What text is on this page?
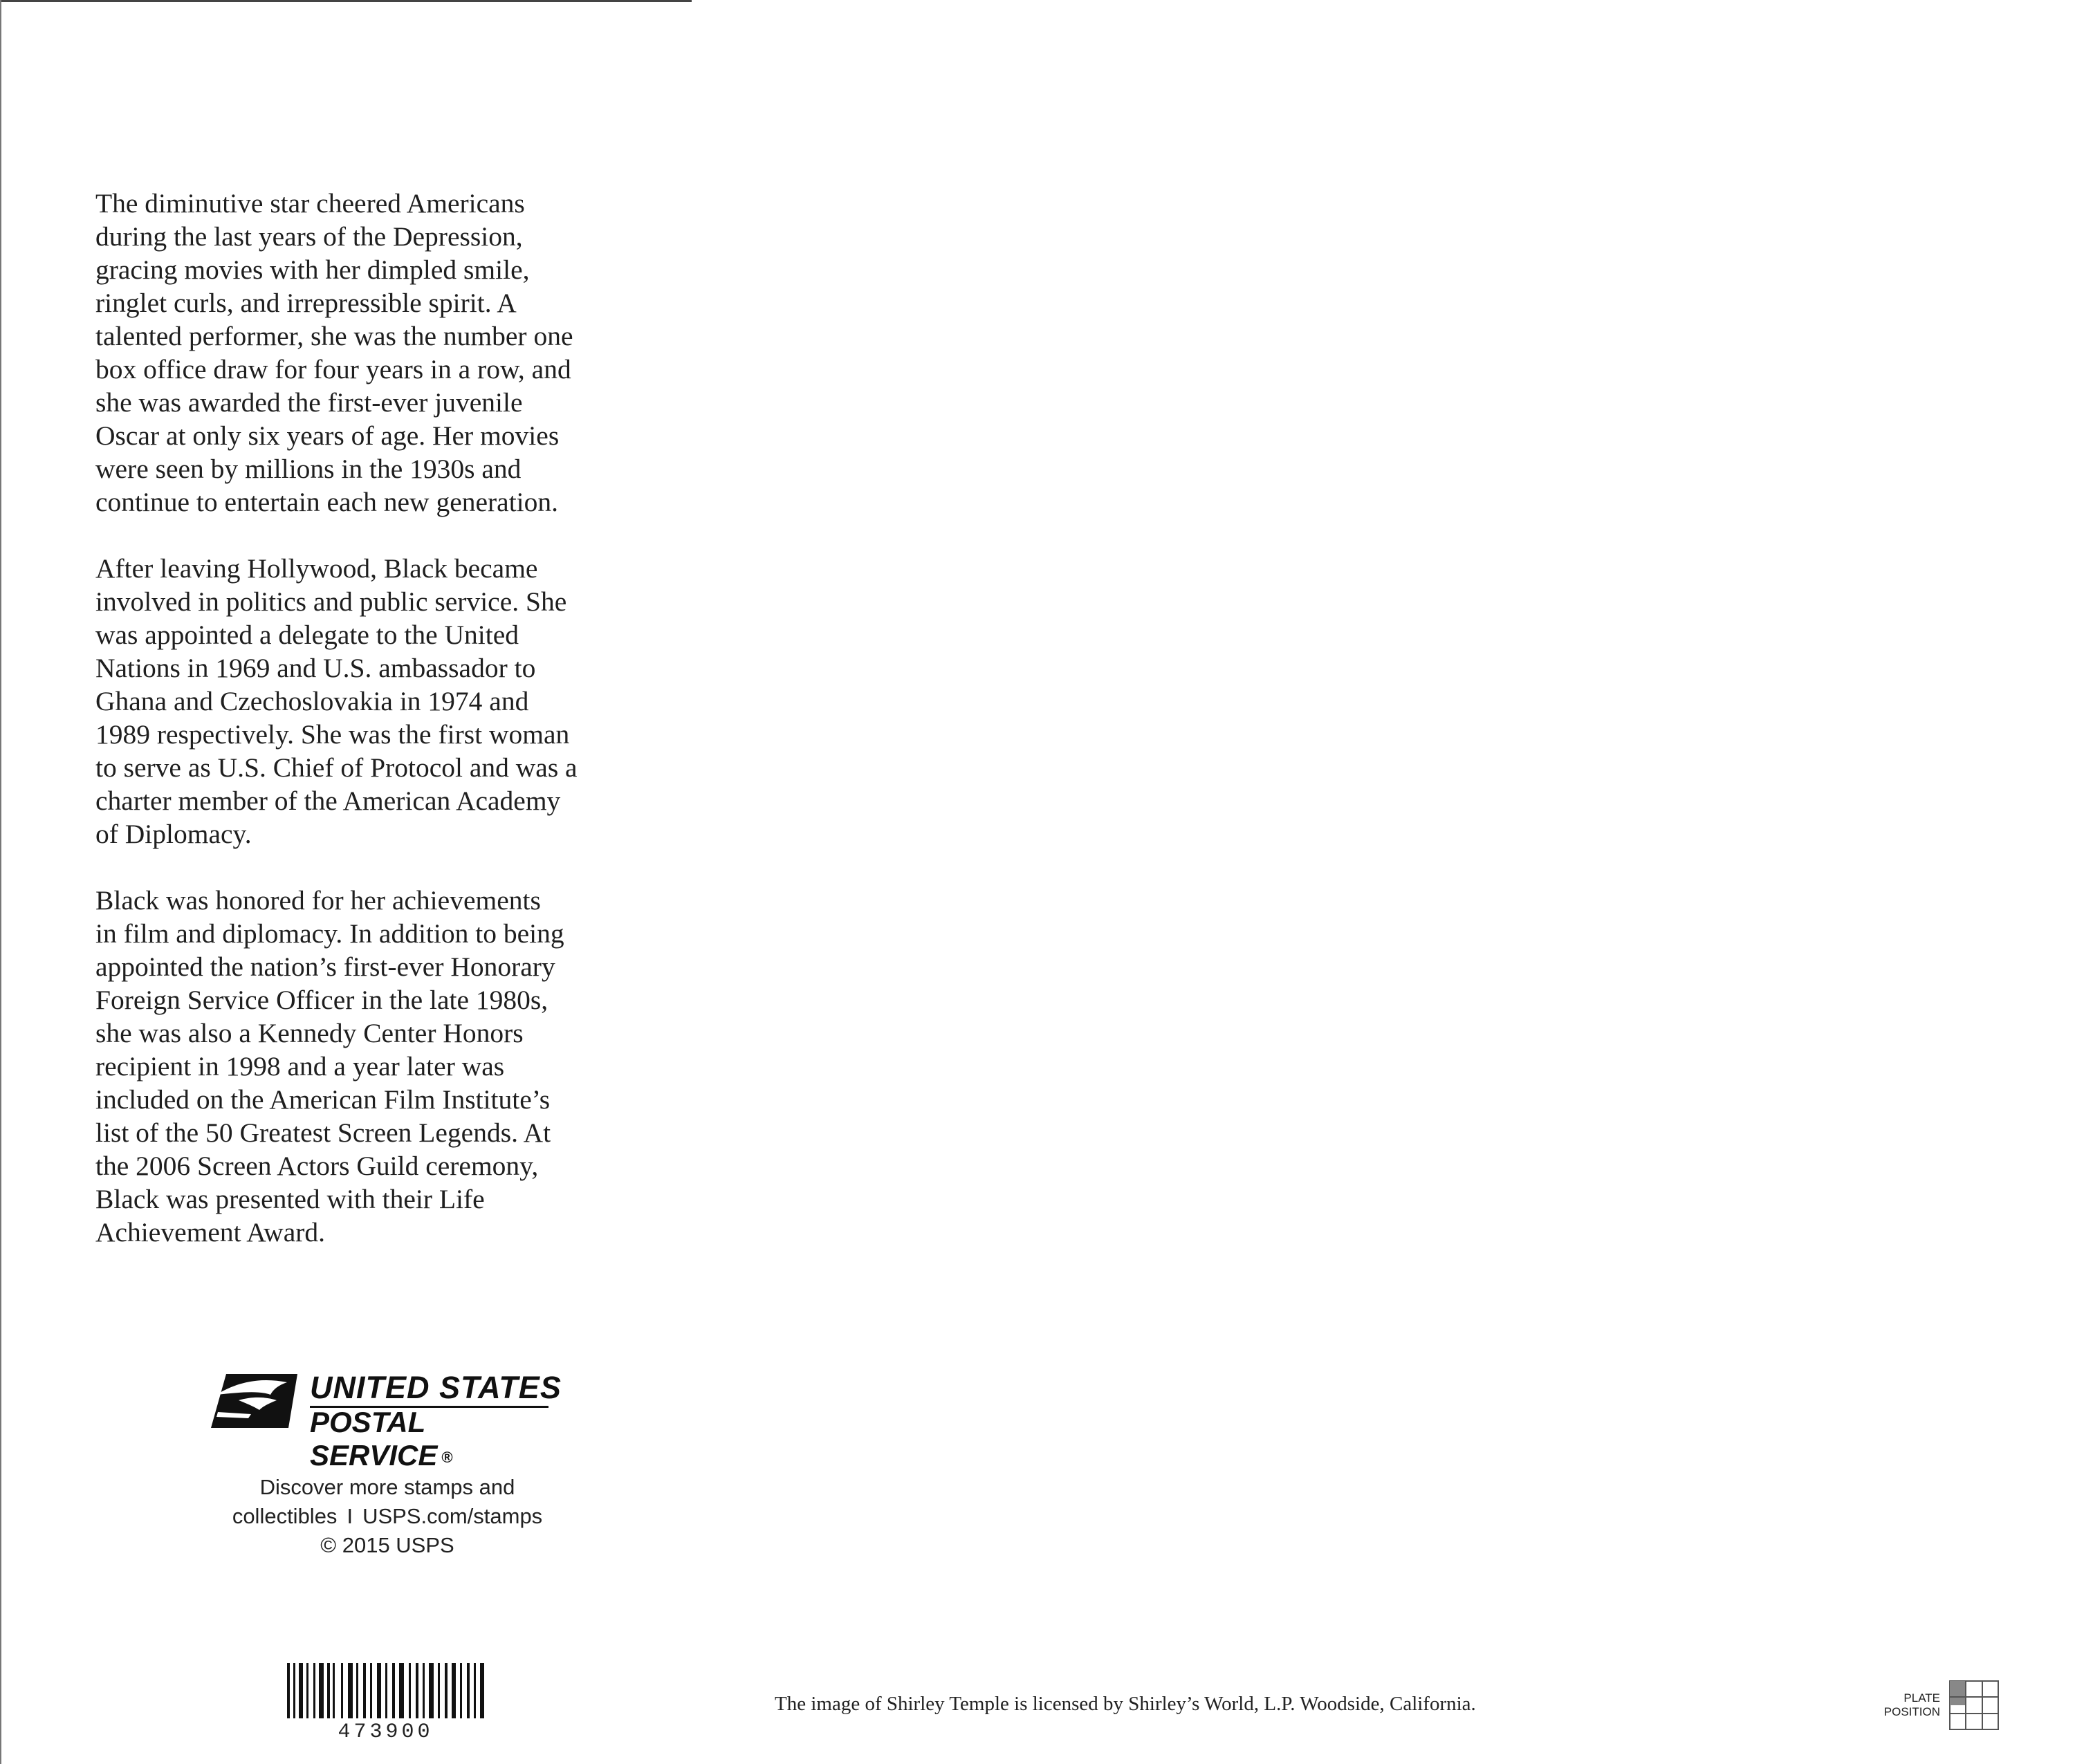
The diminutive star cheered Americans
during the last years of the Depression,
gracing movies with her dimpled smile,
ringlet curls, and irrepressible spirit. A
talented performer, she was the number one
box office draw for four years in a row, and
she was awarded the first-ever juvenile
Oscar at only six years of age. Her movies
were seen by millions in the 1930s and
continue to entertain each new generation.

After leaving Hollywood, Black became
involved in politics and public service. She
was appointed a delegate to the United
Nations in 1969 and U.S. ambassador to
Ghana and Czechoslovakia in 1974 and
1989 respectively. She was the first woman
to serve as U.S. Chief of Protocol and was a
charter member of the American Academy
of Diplomacy.

Black was honored for her achievements
in film and diplomacy. In addition to being
appointed the nation’s first-ever Honorary
Foreign Service Officer in the late 1980s,
she was also a Kennedy Center Honors
recipient in 1998 and a year later was
included on the American Film Institute’s
list of the 50 Greatest Screen Legends. At
the 2006 Screen Actors Guild ceremony,
Black was presented with their Life
Achievement Award.

UNITED STATES
POSTAL SERVICE ®
Discover more stamps and collectibles I USPS.com/stamps
© 2015 USPS
473900
The image of Shirley Temple is licensed by Shirley’s World, L.P. Woodside, California.	PLATE
POSITION
